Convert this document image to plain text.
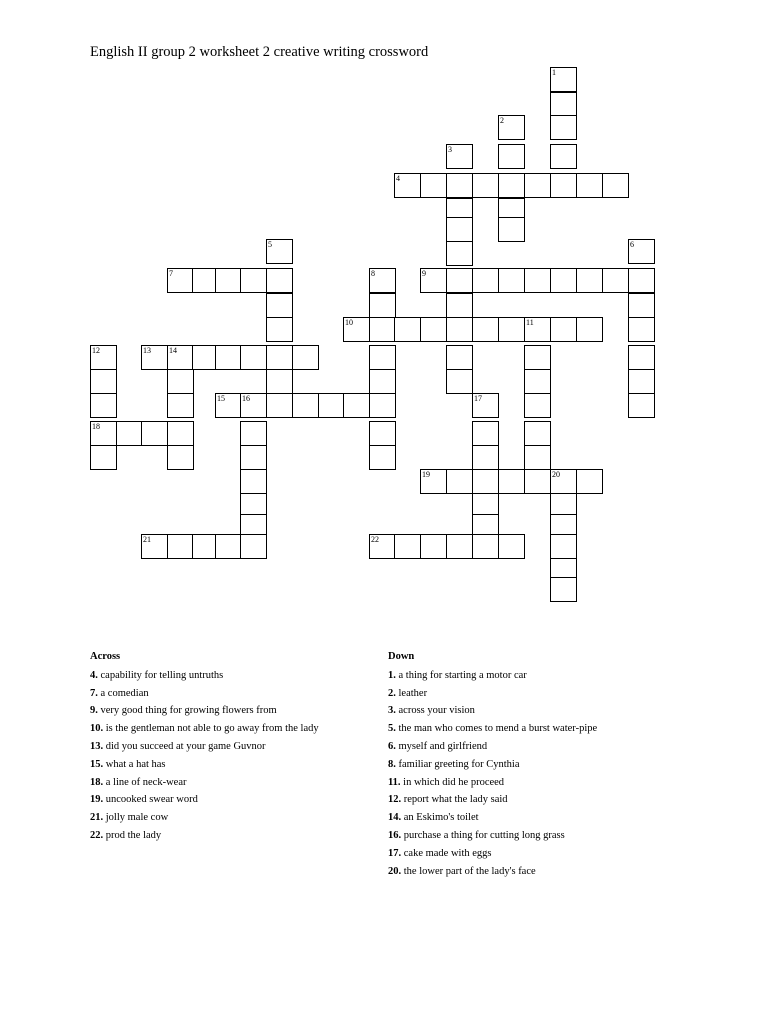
English II group 2 worksheet 2 creative writing crossword
1
2
3
4
5	6
7	8	9
10	11
12
18
13 14
15 16	17
19	20
21	22
Across
4. capability for telling untruths
7. a comedian
9. very good thing for growing flowers from
10. is the gentleman not able to go away from the lady
13. did you succeed at your game Guvnor
15. what a hat has
18. a line of neck-wear
19. uncooked swear word
21. jolly male cow
22. prod the lady
Down
1. a thing for starting a motor car
2. leather
3. across your vision
5. the man who comes to mend a burst water-pipe
6. myself and girlfriend
8. familiar greeting for Cynthia
11. in which did he proceed
12. report what the lady said
14. an Eskimo's toilet
16. purchase a thing for cutting long grass
17. cake made with eggs
20. the lower part of the lady's face
